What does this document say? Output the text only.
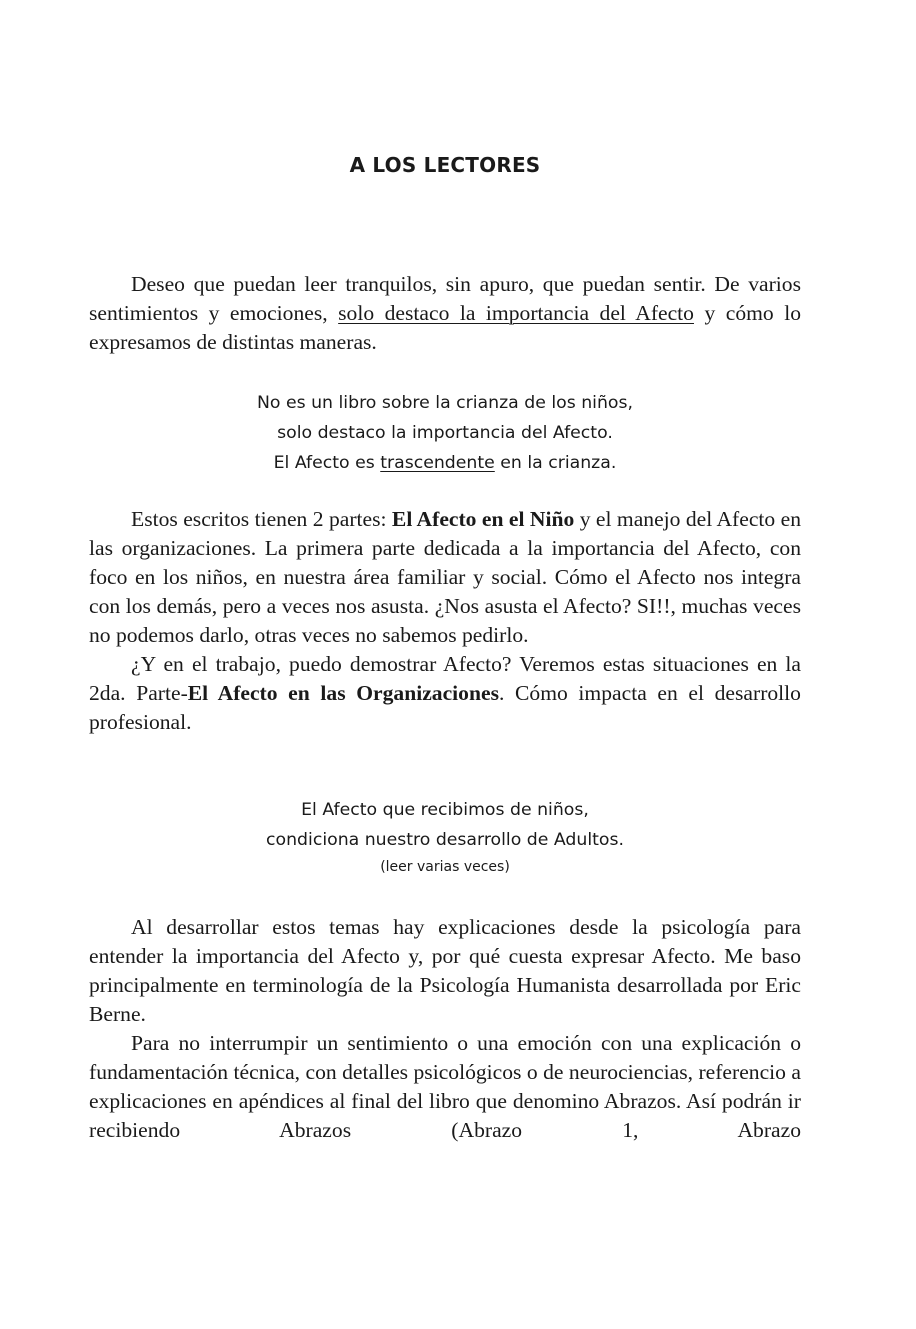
A LOS LECTORES

Deseo que puedan leer tranquilos, sin apuro, que puedan sentir. De varios sentimientos y emociones, solo destaco la importancia del Afecto y cómo lo expresamos de distintas maneras.

No es un libro sobre la crianza de los niños,

solo destaco la importancia del Afecto.

El Afecto es trascendente en la crianza.

Estos escritos tienen 2 partes: El Afecto en el Niño y el manejo del Afecto en las organizaciones. La primera parte dedicada a la importancia del Afecto, con foco en los niños, en nuestra área familiar y social. Cómo el Afecto nos integra con los demás, pero a veces nos asusta. ¿Nos asusta el Afecto? SI!!, muchas veces no podemos darlo, otras veces no sabemos pedirlo.

¿Y en el trabajo, puedo demostrar Afecto? Veremos estas situaciones en la 2da. Parte-El Afecto en las Organizaciones. Cómo impacta en el desarrollo profesional.

El Afecto que recibimos de niños,

condiciona nuestro desarrollo de Adultos.

(leer varias veces)

Al desarrollar estos temas hay explicaciones desde la psicología para entender la importancia del Afecto y, por qué cuesta expresar Afecto. Me baso principalmente en terminología de la Psicología Humanista desarrollada por Eric Berne.

Para no interrumpir un sentimiento o una emoción con una explicación o fundamentación técnica, con detalles psicológicos o de neurociencias, referencio a explicaciones en apéndices al final del libro que denomino Abrazos. Así podrán ir recibiendo Abrazos (Abrazo 1, Abrazo
